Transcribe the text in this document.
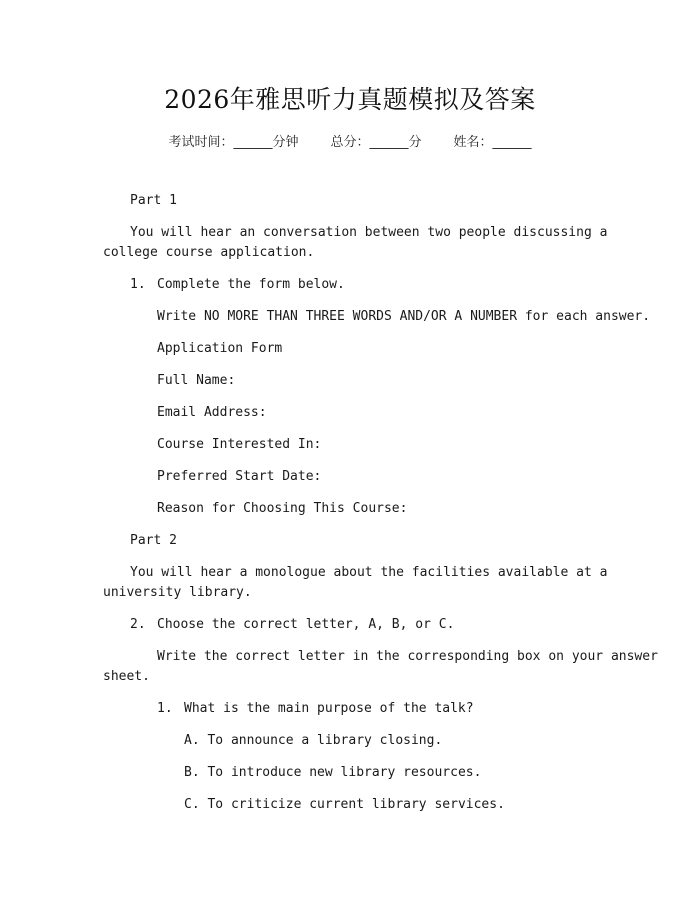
2026年雅思听力真题模拟及答案
考试时间：______分钟 总分：______分 姓名：______
Part 1
You will hear an conversation between two people discussing a
college course application.
1. Complete the form below.
Write NO MORE THAN THREE WORDS AND/OR A NUMBER for each answer.
Application Form
Full Name:
Email Address:
Course Interested In:
Preferred Start Date:
Reason for Choosing This Course:
Part 2
You will hear a monologue about the facilities available at a
university library.
2. Choose the correct letter, A, B, or C.
Write the correct letter in the corresponding box on your answer
sheet.
1. What is the main purpose of the talk?
A. To announce a library closing.
B. To introduce new library resources.
C. To criticize current library services.
